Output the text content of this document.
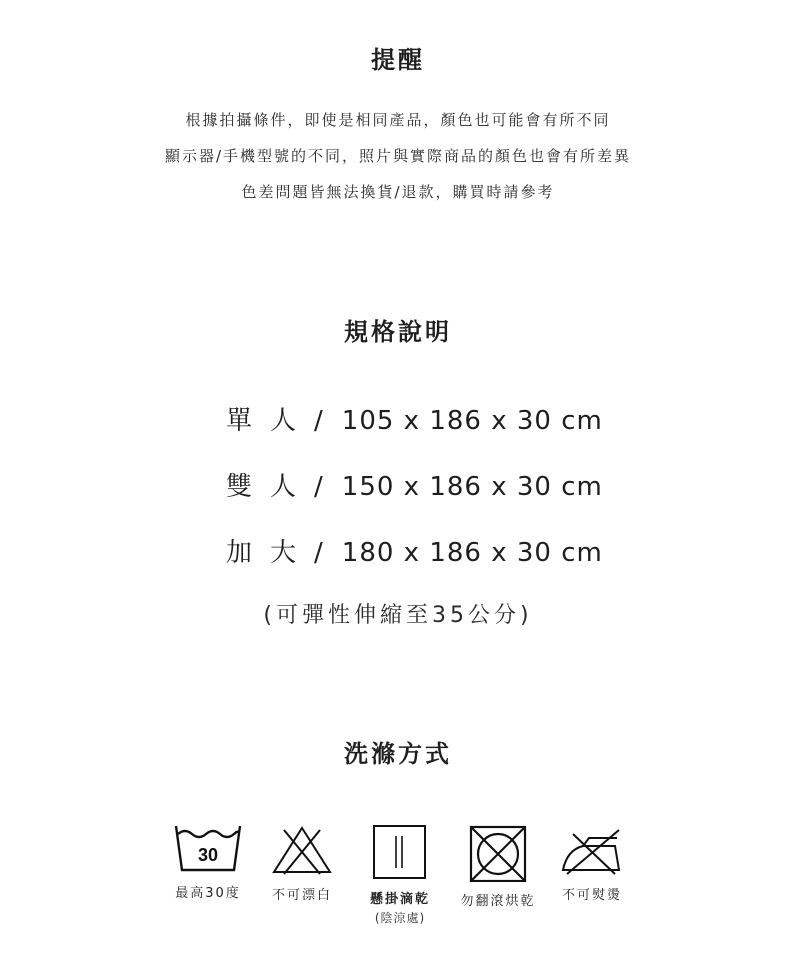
提醒
根據拍攝條件，即使是相同產品，顏色也可能會有所不同
顯示器/手機型號的不同，照片與實際商品的顏色也會有所差異
色差問題皆無法換貨/退款，購買時請參考
規格說明
單人 / 105 x 186 x 30 cm
雙人 / 150 x 186 x 30 cm
加大 / 180 x 186 x 30 cm
(可彈性伸縮至35公分)
洗滌方式
30
最高30度	不可漂白	懸掛滴乾
(陰涼處)
勿翻滾烘乾	不可熨燙
